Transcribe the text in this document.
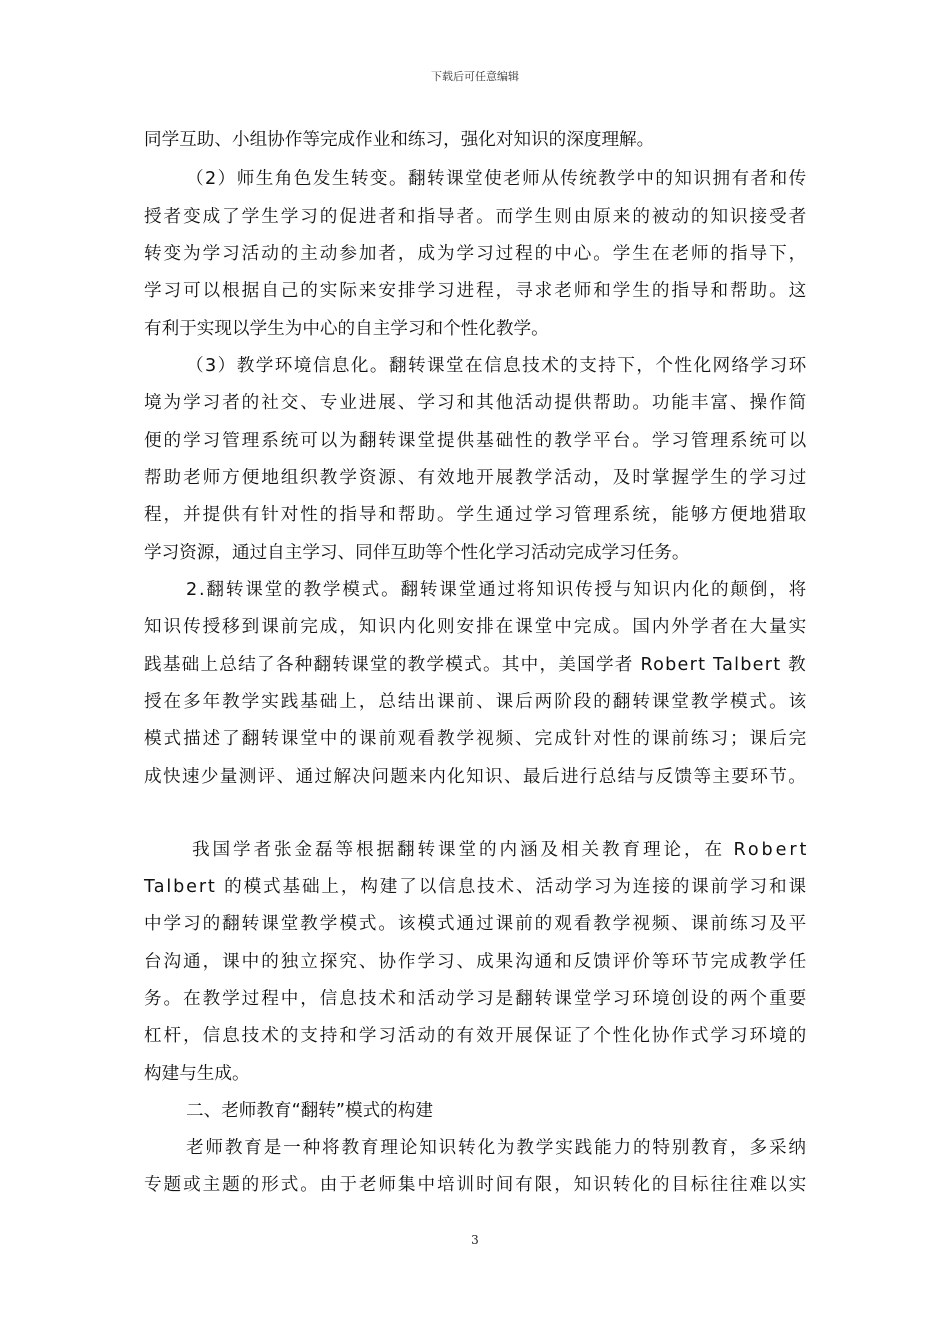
下载后可任意编辑
同学互助、小组协作等完成作业和练习，强化对知识的深度理解。
（2）师生角色发生转变。翻转课堂使老师从传统教学中的知识拥有者和传
授者变成了学生学习的促进者和指导者。而学生则由原来的被动的知识接受者
转变为学习活动的主动参加者，成为学习过程的中心。学生在老师的指导下，
学习可以根据自己的实际来安排学习进程，寻求老师和学生的指导和帮助。这
有利于实现以学生为中心的自主学习和个性化教学。
（3）教学环境信息化。翻转课堂在信息技术的支持下，个性化网络学习环
境为学习者的社交、专业进展、学习和其他活动提供帮助。功能丰富、操作简
便的学习管理系统可以为翻转课堂提供基础性的教学平台。学习管理系统可以
帮助老师方便地组织教学资源、有效地开展教学活动，及时掌握学生的学习过
程，并提供有针对性的指导和帮助。学生通过学习管理系统，能够方便地猎取
学习资源，通过自主学习、同伴互助等个性化学习活动完成学习任务。
2.翻转课堂的教学模式。翻转课堂通过将知识传授与知识内化的颠倒，将
知识传授移到课前完成，知识内化则安排在课堂中完成。国内外学者在大量实
践基础上总结了各种翻转课堂的教学模式。其中，美国学者 Robert Talbert 教
授在多年教学实践基础上，总结出课前、课后两阶段的翻转课堂教学模式。该
模式描述了翻转课堂中的课前观看教学视频、完成针对性的课前练习；课后完
成快速少量测评、通过解决问题来内化知识、最后进行总结与反馈等主要环节。
我国学者张金磊等根据翻转课堂的内涵及相关教育理论，在 Robert
Talbert 的模式基础上，构建了以信息技术、活动学习为连接的课前学习和课
中学习的翻转课堂教学模式。该模式通过课前的观看教学视频、课前练习及平
台沟通，课中的独立探究、协作学习、成果沟通和反馈评价等环节完成教学任
务。在教学过程中，信息技术和活动学习是翻转课堂学习环境创设的两个重要
杠杆，信息技术的支持和学习活动的有效开展保证了个性化协作式学习环境的
构建与生成。
二、老师教育“翻转”模式的构建
老师教育是一种将教育理论知识转化为教学实践能力的特别教育，多采纳
专题或主题的形式。由于老师集中培训时间有限，知识转化的目标往往难以实
3
